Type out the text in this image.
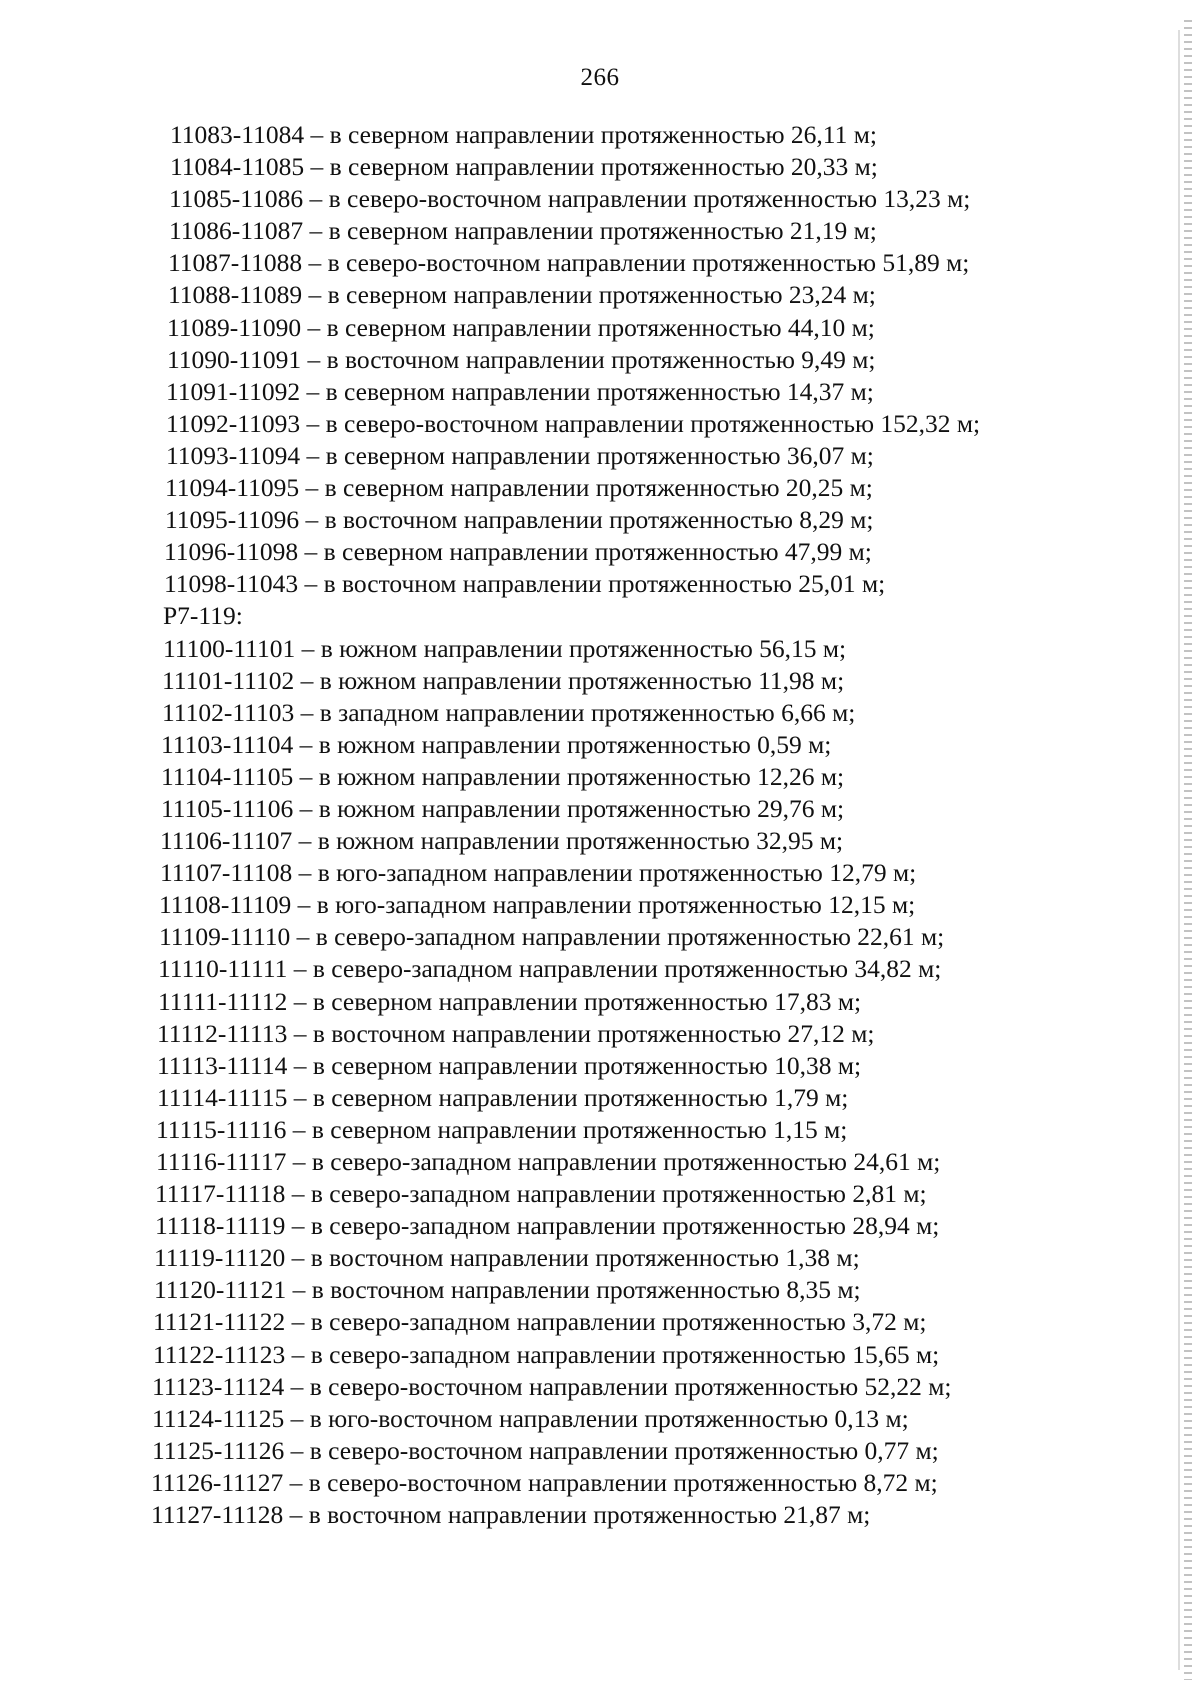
266
11083-11084 – в северном направлении протяженностью 26,11 м;
11084-11085 – в северном направлении протяженностью 20,33 м;
11085-11086 – в северо-восточном направлении протяженностью 13,23 м;
11086-11087 – в северном направлении протяженностью 21,19 м;
11087-11088 – в северо-восточном направлении протяженностью 51,89 м;
11088-11089 – в северном направлении протяженностью 23,24 м;
11089-11090 – в северном направлении протяженностью 44,10 м;
11090-11091 – в восточном направлении протяженностью 9,49 м;
11091-11092 – в северном направлении протяженностью 14,37 м;
11092-11093 – в северо-восточном направлении протяженностью 152,32 м;
11093-11094 – в северном направлении протяженностью 36,07 м;
11094-11095 – в северном направлении протяженностью 20,25 м;
11095-11096 – в восточном направлении протяженностью 8,29 м;
11096-11098 – в северном направлении протяженностью 47,99 м;
11098-11043 – в восточном направлении протяженностью 25,01 м;
Р7-119:
11100-11101 – в южном направлении протяженностью 56,15 м;
11101-11102 – в южном направлении протяженностью 11,98 м;
11102-11103 – в западном направлении протяженностью 6,66 м;
11103-11104 – в южном направлении протяженностью 0,59 м;
11104-11105 – в южном направлении протяженностью 12,26 м;
11105-11106 – в южном направлении протяженностью 29,76 м;
11106-11107 – в южном направлении протяженностью 32,95 м;
11107-11108 – в юго-западном направлении протяженностью 12,79 м;
11108-11109 – в юго-западном направлении протяженностью 12,15 м;
11109-11110 – в северо-западном направлении протяженностью 22,61 м;
11110-11111 – в северо-западном направлении протяженностью 34,82 м;
11111-11112 – в северном направлении протяженностью 17,83 м;
11112-11113 – в восточном направлении протяженностью 27,12 м;
11113-11114 – в северном направлении протяженностью 10,38 м;
11114-11115 – в северном направлении протяженностью 1,79 м;
11115-11116 – в северном направлении протяженностью 1,15 м;
11116-11117 – в северо-западном направлении протяженностью 24,61 м;
11117-11118 – в северо-западном направлении протяженностью 2,81 м;
11118-11119 – в северо-западном направлении протяженностью 28,94 м;
11119-11120 – в восточном направлении протяженностью 1,38 м;
11120-11121 – в восточном направлении протяженностью 8,35 м;
11121-11122 – в северо-западном направлении протяженностью 3,72 м;
11122-11123 – в северо-западном направлении протяженностью 15,65 м;
11123-11124 – в северо-восточном направлении протяженностью 52,22 м;
11124-11125 – в юго-восточном направлении протяженностью 0,13 м;
11125-11126 – в северо-восточном направлении протяженностью 0,77 м;
11126-11127 – в северо-восточном направлении протяженностью 8,72 м;
11127-11128 – в восточном направлении протяженностью 21,87 м;
